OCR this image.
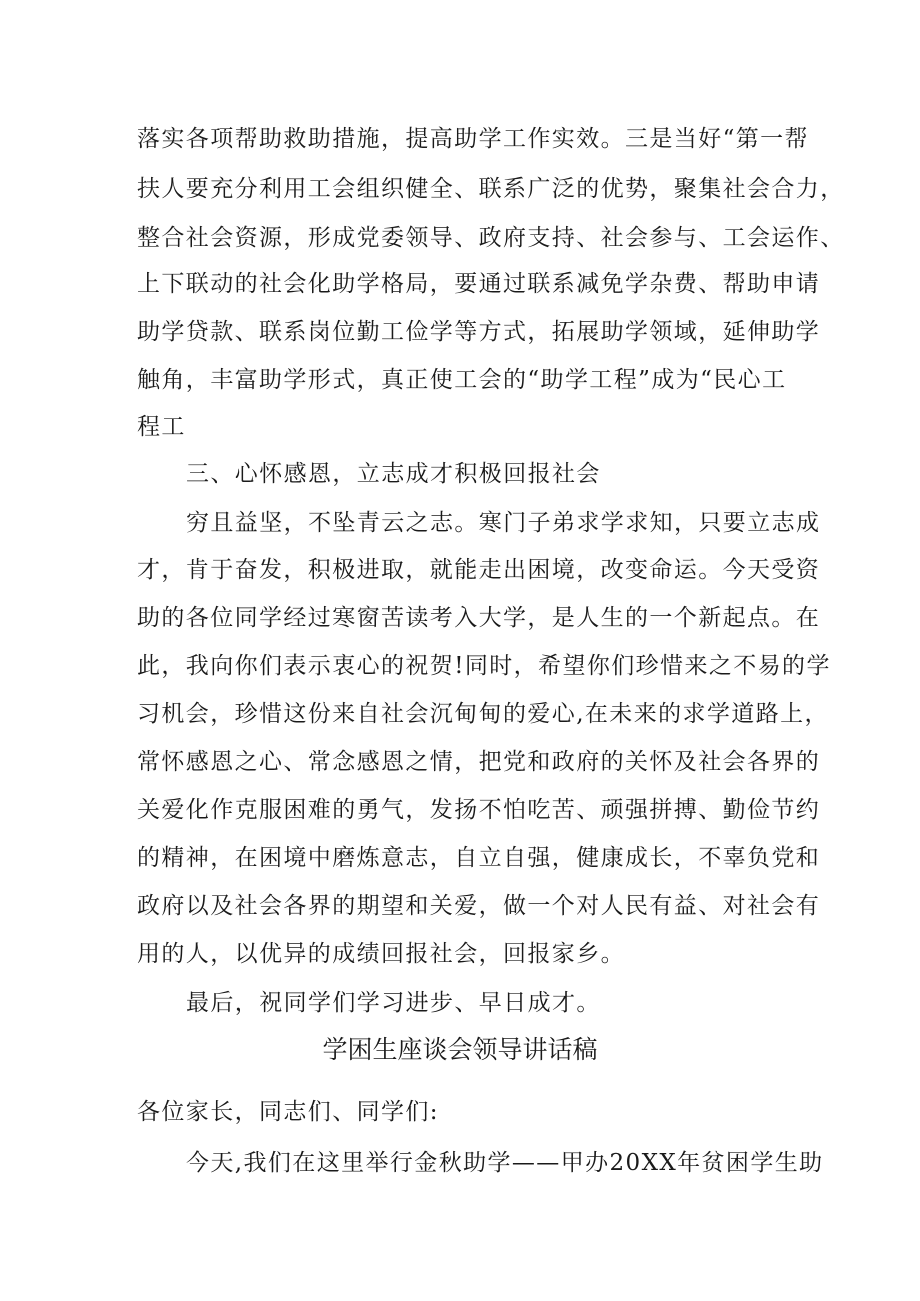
落实各项帮助救助措施，提高助学工作实效。三是当好“第一帮
扶人要充分利用工会组织健全、联系广泛的优势，聚集社会合力，
整合社会资源，形成党委领导、政府支持、社会参与、工会运作、
上下联动的社会化助学格局，要通过联系减免学杂费、帮助申请
助学贷款、联系岗位勤工俭学等方式，拓展助学领域，延伸助学
触角，丰富助学形式，真正使工会的“助学工程”成为“民心工
程工
三、心怀感恩，立志成才积极回报社会
穷且益坚，不坠青云之志。寒门子弟求学求知，只要立志成
才，肯于奋发，积极进取，就能走出困境，改变命运。今天受资
助的各位同学经过寒窗苦读考入大学，是人生的一个新起点。在
此，我向你们表示衷心的祝贺!同时，希望你们珍惜来之不易的学
习机会，珍惜这份来自社会沉甸甸的爱心,在未来的求学道路上，
常怀感恩之心、常念感恩之情，把党和政府的关怀及社会各界的
关爱化作克服困难的勇气，发扬不怕吃苦、顽强拼搏、勤俭节约
的精神，在困境中磨炼意志，自立自强，健康成长，不辜负党和
政府以及社会各界的期望和关爱，做一个对人民有益、对社会有
用的人，以优异的成绩回报社会，回报家乡。
最后，祝同学们学习进步、早日成才。
学困生座谈会领导讲话稿
各位家长，同志们、同学们:
今天,我们在这里举行金秋助学——甲办20XX年贫困学生助
